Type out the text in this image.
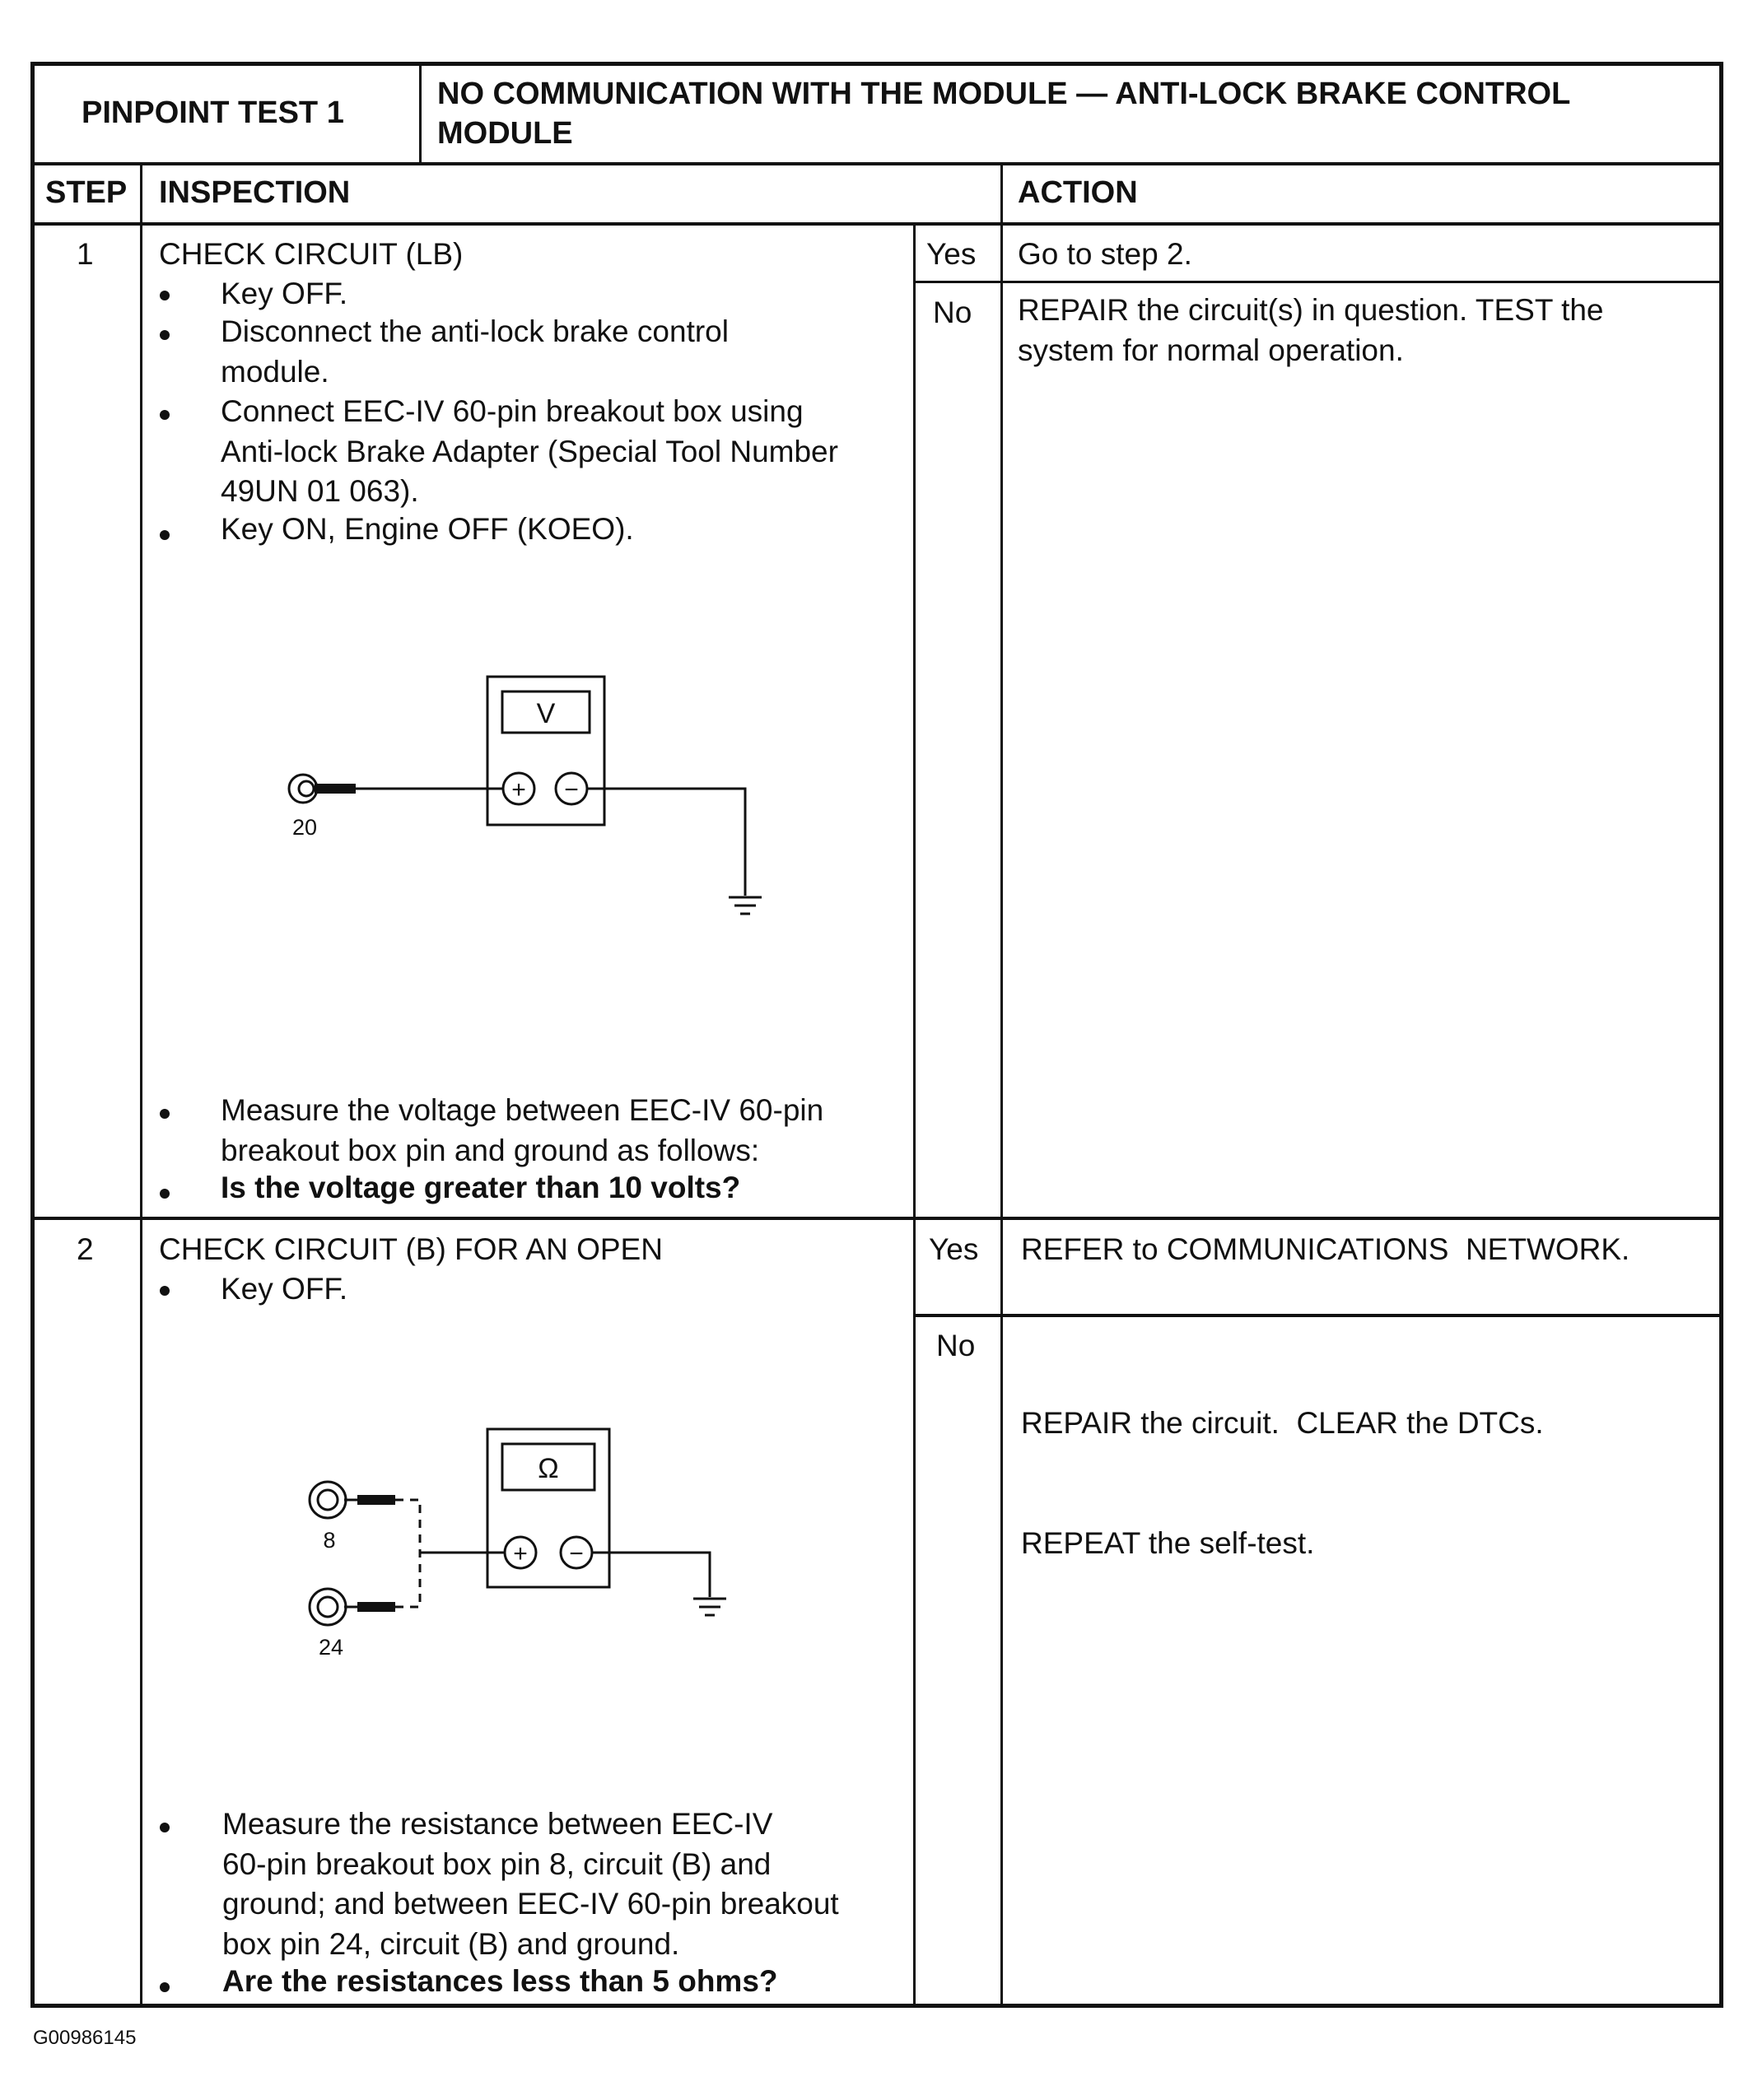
PINPOINT TEST 1
NO COMMUNICATION WITH THE MODULE — ANTI-LOCK BRAKE CONTROL
MODULE
STEP INSPECTION	ACTION
1 CHECK CIRCUIT (LB)
Key OFF.
Disconnect the anti-lock brake control
module.
Connect EEC-IV 60-pin breakout box using
Anti-lock Brake Adapter (Special Tool Number
49UN 01 063).
Key ON, Engine OFF (KOEO).
V
+ −
20
Measure the voltage between EEC-IV 60-pin
breakout box pin and ground as follows:
Is the voltage greater than 10 volts?
Yes Go to step 2.
No REPAIR the circuit(s) in question. TEST the
system for normal operation.
2 CHECK CIRCUIT (B) FOR AN OPEN
Key OFF.
Ω
+ −
8
24
Measure the resistance between EEC-IV
60-pin breakout box pin 8, circuit (B) and
ground; and between EEC-IV 60-pin breakout
box pin 24, circuit (B) and ground.
Are the resistances less than 5 ohms?
Yes REFER to COMMUNICATIONS  NETWORK.
No

REPAIR the circuit.  CLEAR the DTCs.

REPEAT the self-test.

G00986145
